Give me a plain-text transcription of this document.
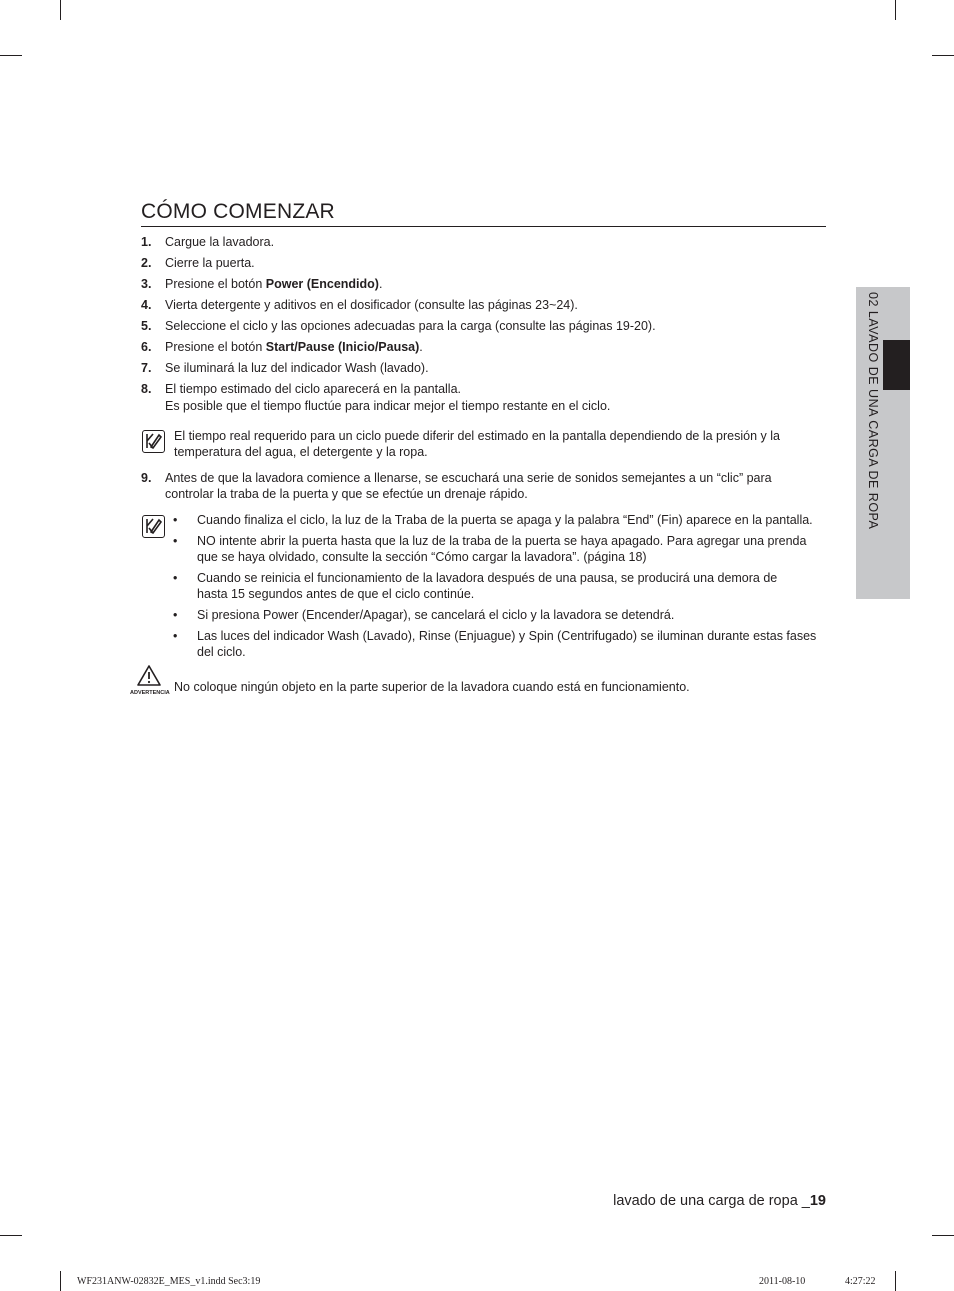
02 LAVADO DE UNA CARGA DE ROPA
CÓMO COMENZAR
1.	Cargue la lavadora.
2.	Cierre la puerta.
3.	Presione el botón Power (Encendido).
4.	Vierta detergente y aditivos en el dosificador (consulte las páginas 23~24).
5.	Seleccione el ciclo y las opciones adecuadas para la carga (consulte las páginas 19-20).
6.	Presione el botón Start/Pause (Inicio/Pausa).
7.	Se iluminará la luz del indicador Wash (lavado).
8.	El tiempo estimado del ciclo aparecerá en la pantalla.
Es posible que el tiempo fluctúe para indicar mejor el tiempo restante en el ciclo.
El tiempo real requerido para un ciclo puede diferir del estimado en la pantalla dependiendo de la presión y la
temperatura del agua, el detergente y la ropa.
9.	Antes de que la lavadora comience a llenarse, se escuchará una serie de sonidos semejantes a un “clic” para
controlar la traba de la puerta y que se efectúe un drenaje rápido.
• Cuando finaliza el ciclo, la luz de la Traba de la puerta se apaga y la palabra “End” (Fin) aparece en la pantalla.
• NO intente abrir la puerta hasta que la luz de la traba de la puerta se haya apagado. Para agregar una prenda
que se haya olvidado, consulte la sección “Cómo cargar la lavadora”. (página 18)
• Cuando se reinicia el funcionamiento de la lavadora después de una pausa, se producirá una demora de
hasta 15 segundos antes de que el ciclo continúe.
• Si presiona Power (Encender/Apagar), se cancelará el ciclo y la lavadora se detendrá.
• Las luces del indicador Wash (Lavado), Rinse (Enjuague) y Spin (Centrifugado) se iluminan durante estas fases
del ciclo.
ADVERTENCIA No coloque ningún objeto en la parte superior de la lavadora cuando está en funcionamiento.
lavado de una carga de ropa _19
WF231ANW-02832E_MES_v1.indd Sec3:19	2011-08-10	4:27:22
